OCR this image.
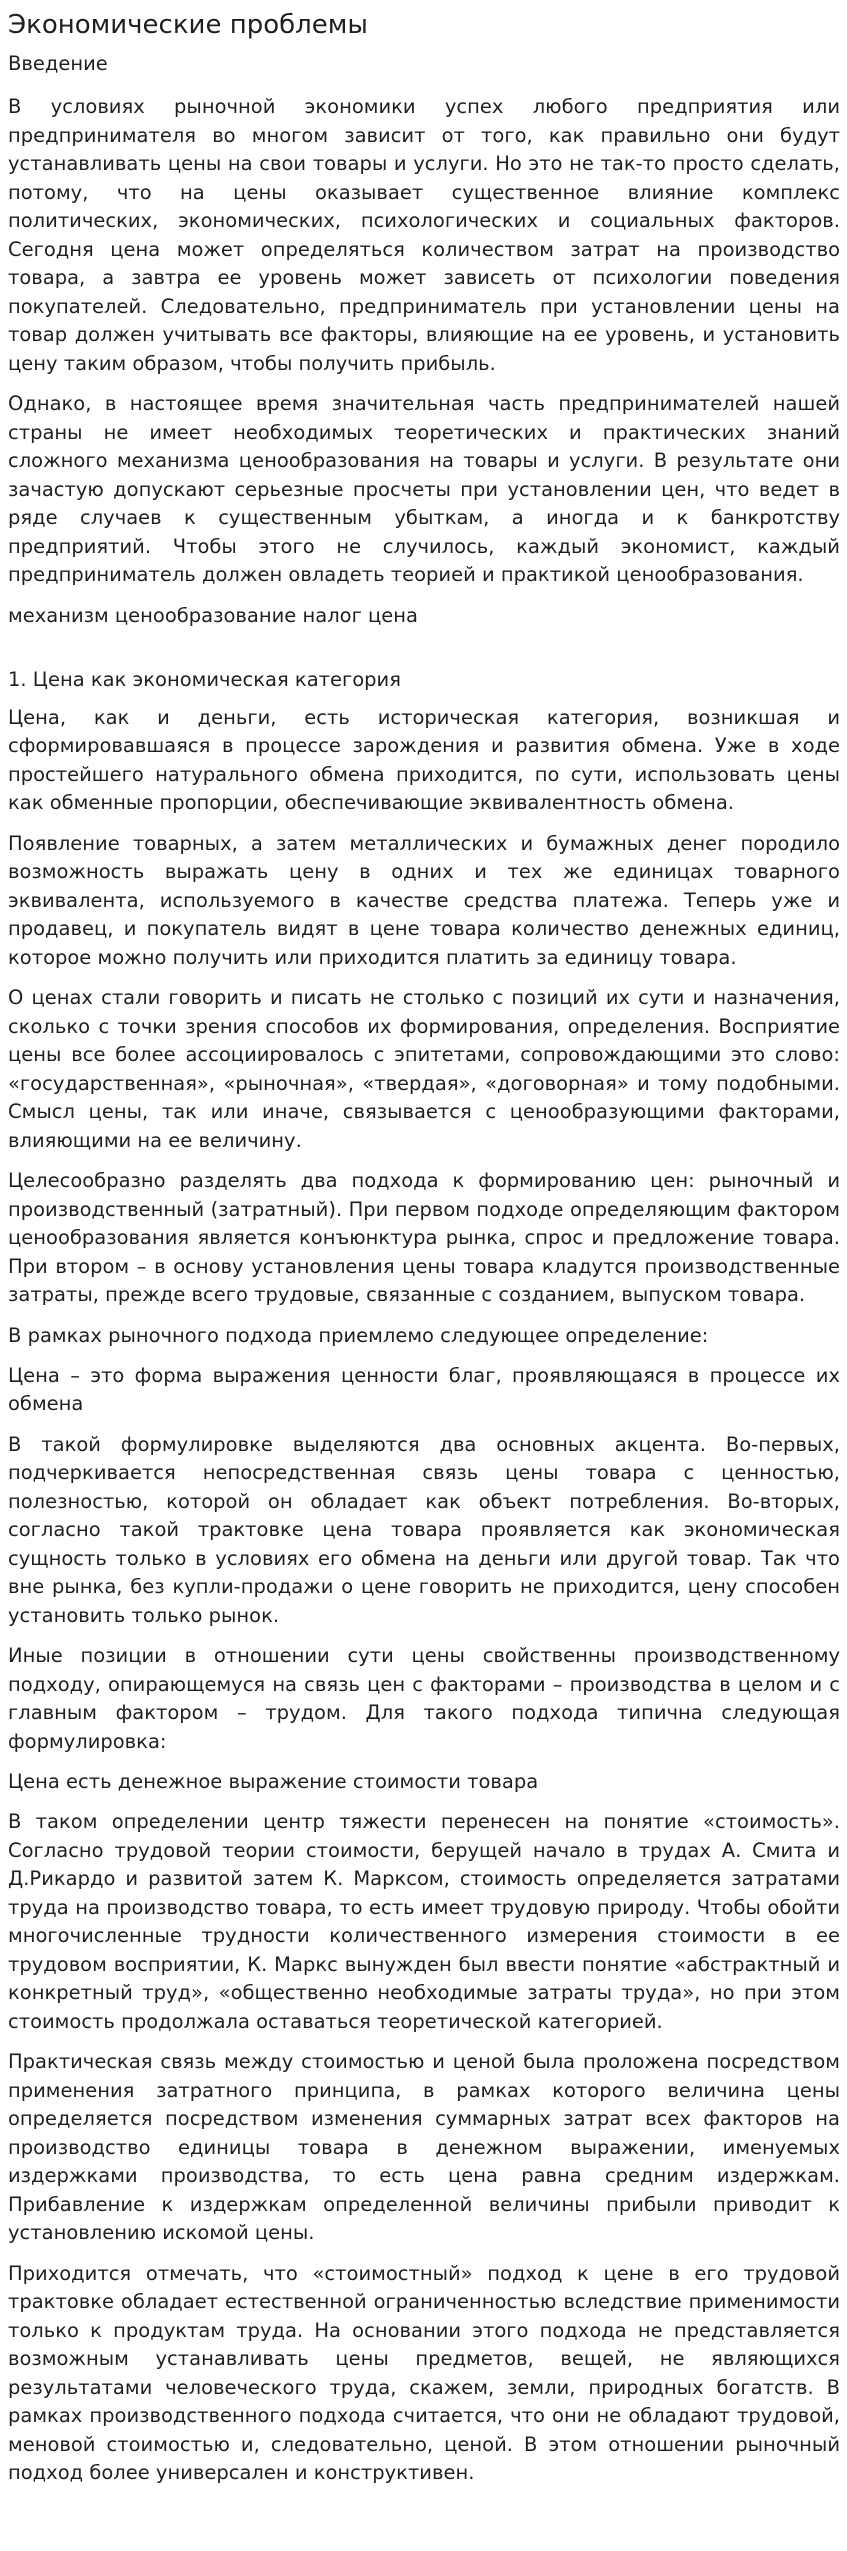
Экономические проблемы
Введение

В условиях рыночной экономики успех любого предприятия или предпринимателя во многом зависит от того, как правильно они будут устанавливать цены на свои товары и услуги. Но это не так-то просто сделать, потому, что на цены оказывает существенное влияние комплекс политических, экономических, психологических и социальных факторов. Сегодня цена может определяться количеством затрат на производство товара, а завтра ее уровень может зависеть от психологии поведения покупателей. Следовательно, предприниматель при установлении цены на товар должен учитывать все факторы, влияющие на ее уровень, и установить цену таким образом, чтобы получить прибыль.

Однако, в настоящее время значительная часть предпринимателей нашей страны не имеет необходимых теоретических и практических знаний сложного механизма ценообразования на товары и услуги. В результате они зачастую допускают серьезные просчеты при установлении цен, что ведет в ряде случаев к существенным убыткам, а иногда и к банкротству предприятий. Чтобы этого не случилось, каждый экономист, каждый предприниматель должен овладеть теорией и практикой ценообразования.

механизм ценообразование налог цена
1. Цена как экономическая категория

Цена, как и деньги, есть историческая категория, возникшая и сформировавшаяся в процессе зарождения и развития обмена. Уже в ходе простейшего натурального обмена приходится, по сути, использовать цены как обменные пропорции, обеспечивающие эквивалентность обмена.

Появление товарных, а затем металлических и бумажных денег породило возможность выражать цену в одних и тех же единицах товарного эквивалента, используемого в качестве средства платежа. Теперь уже и продавец, и покупатель видят в цене товара количество денежных единиц, которое можно получить или приходится платить за единицу товара.

О ценах стали говорить и писать не столько с позиций их сути и назначения, сколько с точки зрения способов их формирования, определения. Восприятие цены все более ассоциировалось с эпитетами, сопровождающими это слово: «государственная», «рыночная», «твердая», «договорная» и тому подобными. Смысл цены, так или иначе, связывается с ценообразующими факторами, влияющими на ее величину.

Целесообразно разделять два подхода к формированию цен: рыночный и производственный (затратный). При первом подходе определяющим фактором ценообразования является конъюнктура рынка, спрос и предложение товара. При втором – в основу установления цены товара кладутся производственные затраты, прежде всего трудовые, связанные с созданием, выпуском товара.

В рамках рыночного подхода приемлемо следующее определение:

Цена – это форма выражения ценности благ, проявляющаяся в процессе их обмена

В такой формулировке выделяются два основных акцента. Во-первых, подчеркивается непосредственная связь цены товара с ценностью, полезностью, которой он обладает как объект потребления. Во-вторых, согласно такой трактовке цена товара проявляется как экономическая сущность только в условиях его обмена на деньги или другой товар. Так что вне рынка, без купли-продажи о цене говорить не приходится, цену способен установить только рынок.

Иные позиции в отношении сути цены свойственны производственному подходу, опирающемуся на связь цен с факторами – производства в целом и с главным фактором – трудом. Для такого подхода типична следующая формулировка:

Цена есть денежное выражение стоимости товара

В таком определении центр тяжести перенесен на понятие «стоимость». Согласно трудовой теории стоимости, берущей начало в трудах А. Смита и Д.Рикардо и развитой затем К. Марксом, стоимость определяется затратами труда на производство товара, то есть имеет трудовую природу. Чтобы обойти многочисленные трудности количественного измерения стоимости в ее трудовом восприятии, К. Маркс вынужден был ввести понятие «абстрактный и конкретный труд», «общественно необходимые затраты труда», но при этом стоимость продолжала оставаться теоретической категорией.

Практическая связь между стоимостью и ценой была проложена посредством применения затратного принципа, в рамках которого величина цены определяется посредством изменения суммарных затрат всех факторов на производство единицы товара в денежном выражении, именуемых издержками производства, то есть цена равна средним издержкам. Прибавление к издержкам определенной величины прибыли приводит к установлению искомой цены.

Приходится отмечать, что «стоимостный» подход к цене в его трудовой трактовке обладает естественной ограниченностью вследствие применимости только к продуктам труда. На основании этого подхода не представляется возможным устанавливать цены предметов, вещей, не являющихся результатами человеческого труда, скажем, земли, природных богатств. В рамках производственного подхода считается, что они не обладают трудовой, меновой стоимостью и, следовательно, ценой. В этом отношении рыночный подход более универсален и конструктивен.
